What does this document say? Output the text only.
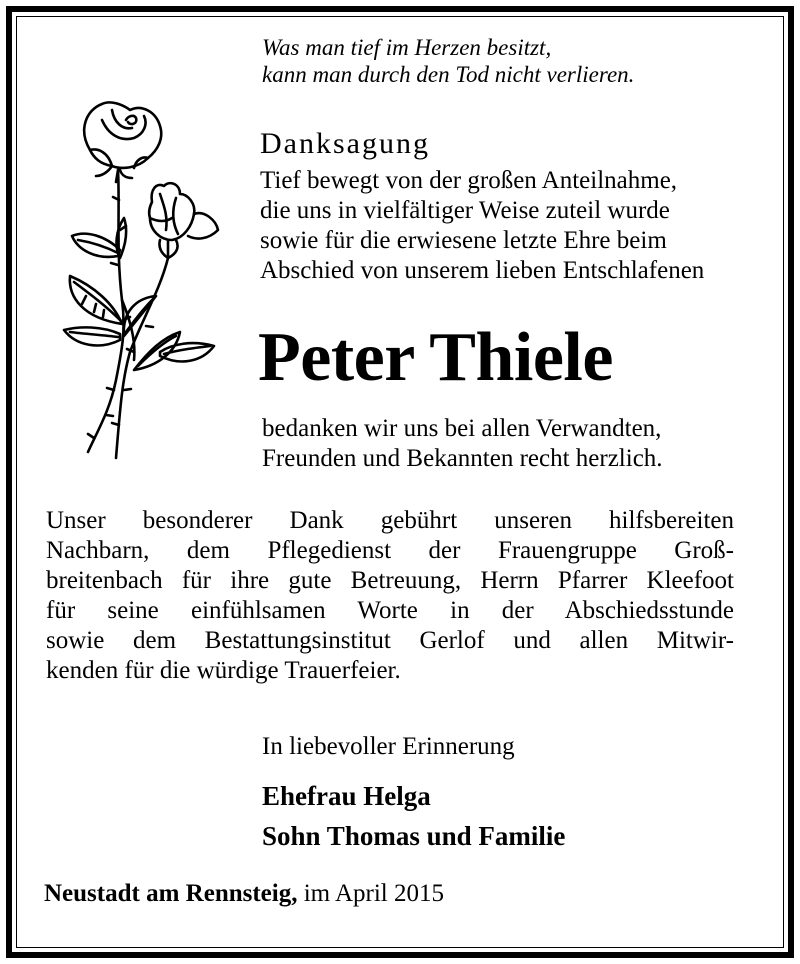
Was man tief im Herzen besitzt,
kann man durch den Tod nicht verlieren.
Danksagung
Tief bewegt von der großen Anteilnahme,
die uns in vielfältiger Weise zuteil wurde
sowie für die erwiesene letzte Ehre beim
Abschied von unserem lieben Entschlafenen
Peter Thiele
bedanken wir uns bei allen Verwandten,
Freunden und Bekannten recht herzlich.
Unser besonderer Dank gebührt unseren hilfsbereiten
Nachbarn, dem Pflegedienst der Frauengruppe Groß-
breitenbach für ihre gute Betreuung, Herrn Pfarrer Kleefoot
für seine einfühlsamen Worte in der Abschiedsstunde
sowie dem Bestattungsinstitut Gerlof und allen Mitwir-
kenden für die würdige Trauerfeier.
In liebevoller Erinnerung
Ehefrau Helga
Sohn Thomas und Familie
Neustadt am Rennsteig, im April 2015
